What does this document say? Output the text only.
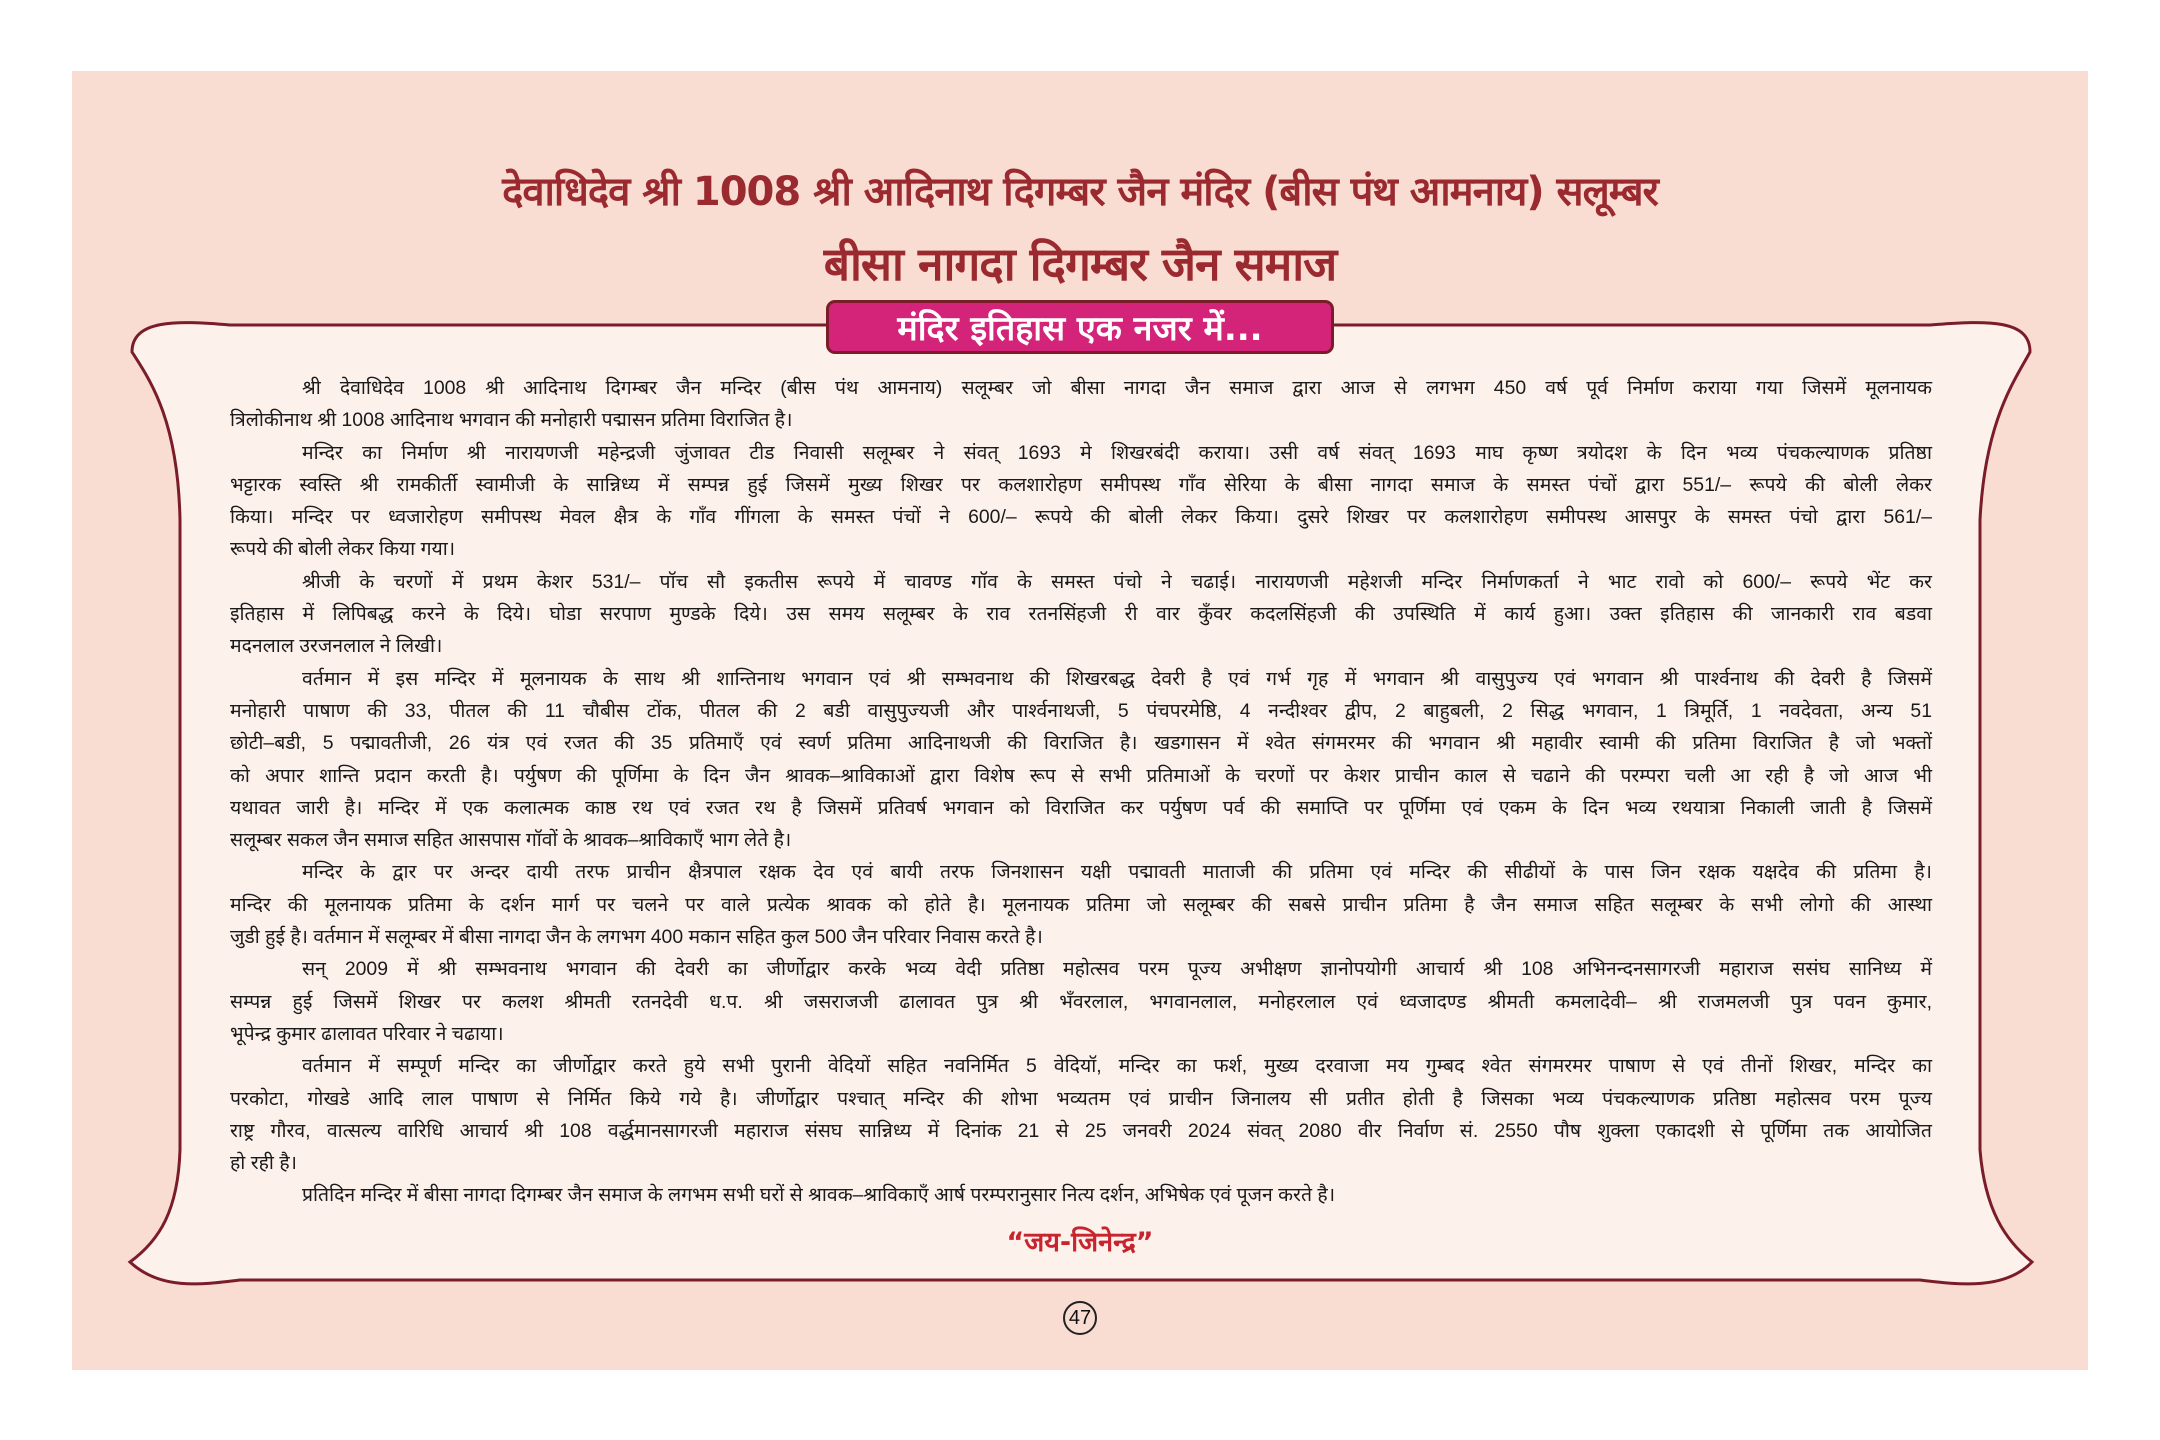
देवाधिदेव श्री 1008 श्री आदिनाथ दिगम्बर जैन मंदिर (बीस पंथ आमनाय) सलूम्बर
बीसा नागदा दिगम्बर जैन समाज
मंदिर इतिहास एक नजर में...
श्री देवाधिदेव 1008 श्री आदिनाथ दिगम्बर जैन मन्दिर (बीस पंथ आमनाय) सलूम्बर जो बीसा नागदा जैन समाज द्वारा आज से लगभग 450 वर्ष पूर्व निर्माण कराया गया जिसमें मूलनायक
त्रिलोकीनाथ श्री 1008 आदिनाथ भगवान की मनोहारी पद्मासन प्रतिमा विराजित है।
मन्दिर का निर्माण श्री नारायणजी महेन्द्रजी जुंजावत टीड निवासी सलूम्बर ने संवत् 1693 मे शिखरबंदी कराया। उसी वर्ष संवत् 1693 माघ कृष्ण त्रयोदश के दिन भव्य पंचकल्याणक प्रतिष्ठा
भट्टारक स्वस्ति श्री रामकीर्ती स्वामीजी के सान्निध्य में सम्पन्न हुई जिसमें मुख्य शिखर पर कलशारोहण समीपस्थ गाँव सेरिया के बीसा नागदा समाज के समस्त पंचों द्वारा 551/– रूपये की बोली लेकर
किया। मन्दिर पर ध्वजारोहण समीपस्थ मेवल क्षैत्र के गाँव गींगला के समस्त पंचों ने 600/– रूपये की बोली लेकर किया। दुसरे शिखर पर कलशारोहण समीपस्थ आसपुर के समस्त पंचो द्वारा 561/–
रूपये की बोली लेकर किया गया।
श्रीजी के चरणों में प्रथम केशर 531/– पॉच सौ इकतीस रूपये में चावण्ड गॉव के समस्त पंचो ने चढाई। नारायणजी महेशजी मन्दिर निर्माणकर्ता ने भाट रावो को 600/– रूपये भेंट कर
इतिहास में लिपिबद्ध करने के दिये। घोडा सरपाण मुण्डके दिये। उस समय सलूम्बर के राव रतनसिंहजी री वार कुँवर कदलसिंहजी की उपस्थिति में कार्य हुआ। उक्त इतिहास की जानकारी राव बडवा
मदनलाल उरजनलाल ने लिखी।
वर्तमान में इस मन्दिर में मूलनायक के साथ श्री शान्तिनाथ भगवान एवं श्री सम्भवनाथ की शिखरबद्ध देवरी है एवं गर्भ गृह में भगवान श्री वासुपुज्य एवं भगवान श्री पार्श्वनाथ की देवरी है जिसमें
मनोहारी पाषाण की 33, पीतल की 11 चौबीस टोंक, पीतल की 2 बडी वासुपुज्यजी और पार्श्वनाथजी, 5 पंचपरमेष्ठि, 4 नन्दीश्वर द्वीप, 2 बाहुबली, 2 सिद्ध भगवान, 1 त्रिमूर्ति, 1 नवदेवता, अन्य 51
छोटी–बडी, 5 पद्मावतीजी, 26 यंत्र एवं रजत की 35 प्रतिमाएँ एवं स्वर्ण प्रतिमा आदिनाथजी की विराजित है। खडगासन में श्वेत संगमरमर की भगवान श्री महावीर स्वामी की प्रतिमा विराजित है जो भक्तों
को अपार शान्ति प्रदान करती है। पर्युषण की पूर्णिमा के दिन जैन श्रावक–श्राविकाओं द्वारा विशेष रूप से सभी प्रतिमाओं के चरणों पर केशर प्राचीन काल से चढाने की परम्परा चली आ रही है जो आज भी
यथावत जारी है। मन्दिर में एक कलात्मक काष्ठ रथ एवं रजत रथ है जिसमें प्रतिवर्ष भगवान को विराजित कर पर्युषण पर्व की समाप्ति पर पूर्णिमा एवं एकम के दिन भव्य रथयात्रा निकाली जाती है जिसमें
सलूम्बर सकल जैन समाज सहित आसपास गॉवों के श्रावक–श्राविकाएँ भाग लेते है।
मन्दिर के द्वार पर अन्दर दायी तरफ प्राचीन क्षैत्रपाल रक्षक देव एवं बायी तरफ जिनशासन यक्षी पद्मावती माताजी की प्रतिमा एवं मन्दिर की सीढीयों के पास जिन रक्षक यक्षदेव की प्रतिमा है।
मन्दिर की मूलनायक प्रतिमा के दर्शन मार्ग पर चलने पर वाले प्रत्येक श्रावक को होते है। मूलनायक प्रतिमा जो सलूम्बर की सबसे प्राचीन प्रतिमा है जैन समाज सहित सलूम्बर के सभी लोगो की आस्था
जुडी हुई है। वर्तमान में सलूम्बर में बीसा नागदा जैन के लगभग 400 मकान सहित कुल 500 जैन परिवार निवास करते है।
सन् 2009 में श्री सम्भवनाथ भगवान की देवरी का जीर्णोद्वार करके भव्य वेदी प्रतिष्ठा महोत्सव परम पूज्य अभीक्षण ज्ञानोपयोगी आचार्य श्री 108 अभिनन्दनसागरजी महाराज ससंघ सानिध्य में
सम्पन्न हुई जिसमें शिखर पर कलश श्रीमती रतनदेवी ध.प. श्री जसराजजी ढालावत पुत्र श्री भँवरलाल, भगवानलाल, मनोहरलाल एवं ध्वजादण्ड श्रीमती कमलादेवी– श्री राजमलजी पुत्र पवन कुमार,
भूपेन्द्र कुमार ढालावत परिवार ने चढाया।
वर्तमान में सम्पूर्ण मन्दिर का जीर्णोद्वार करते हुये सभी पुरानी वेदियों सहित नवनिर्मित 5 वेदियॉ, मन्दिर का फर्श, मुख्य दरवाजा मय गुम्बद श्वेत संगमरमर पाषाण से एवं तीनों शिखर, मन्दिर का
परकोटा, गोखडे आदि लाल पाषाण से निर्मित किये गये है। जीर्णोद्वार पश्चात् मन्दिर की शोभा भव्यतम एवं प्राचीन जिनालय सी प्रतीत होती है जिसका भव्य पंचकल्याणक प्रतिष्ठा महोत्सव परम पूज्य
राष्ट्र गौरव, वात्सल्य वारिधि आचार्य श्री 108 वर्द्धमानसागरजी महाराज संसघ सान्निध्य में दिनांक 21 से 25 जनवरी 2024 संवत् 2080 वीर निर्वाण सं. 2550 पौष शुक्ला एकादशी से पूर्णिमा तक आयोजित
हो रही है।
प्रतिदिन मन्दिर में बीसा नागदा दिगम्बर जैन समाज के लगभम सभी घरों से श्रावक–श्राविकाएँ आर्ष परम्परानुसार नित्य दर्शन, अभिषेक एवं पूजन करते है।
“जय-जिनेन्द्र”
47
